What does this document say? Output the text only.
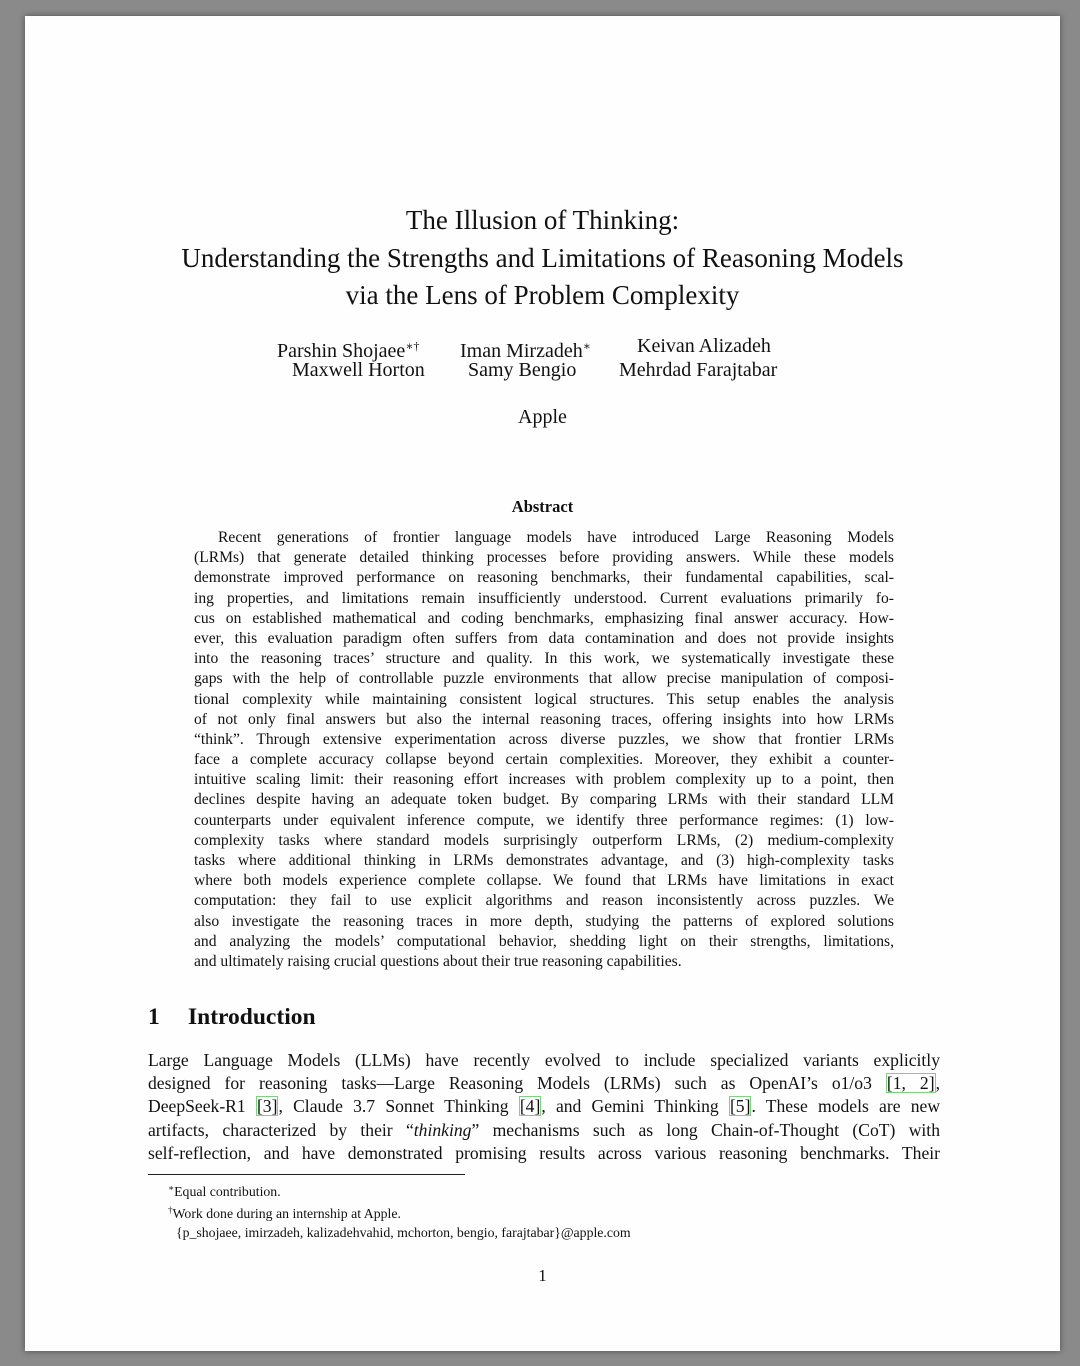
The Illusion of Thinking:
Understanding the Strengths and Limitations of Reasoning Models
via the Lens of Problem Complexity
Parshin Shojaee∗† Iman Mirzadeh∗ Keivan Alizadeh
Maxwell Horton Samy Bengio Mehrdad Farajtabar
Apple
Abstract
Recent generations of frontier language models have introduced Large Reasoning Models
(LRMs) that generate detailed thinking processes before providing answers. While these models
demonstrate improved performance on reasoning benchmarks, their fundamental capabilities, scal-
ing properties, and limitations remain insufficiently understood. Current evaluations primarily fo-
cus on established mathematical and coding benchmarks, emphasizing final answer accuracy. How-
ever, this evaluation paradigm often suffers from data contamination and does not provide insights
into the reasoning traces’ structure and quality. In this work, we systematically investigate these
gaps with the help of controllable puzzle environments that allow precise manipulation of composi-
tional complexity while maintaining consistent logical structures. This setup enables the analysis
of not only final answers but also the internal reasoning traces, offering insights into how LRMs
“think”. Through extensive experimentation across diverse puzzles, we show that frontier LRMs
face a complete accuracy collapse beyond certain complexities. Moreover, they exhibit a counter-
intuitive scaling limit: their reasoning effort increases with problem complexity up to a point, then
declines despite having an adequate token budget. By comparing LRMs with their standard LLM
counterparts under equivalent inference compute, we identify three performance regimes: (1) low-
complexity tasks where standard models surprisingly outperform LRMs, (2) medium-complexity
tasks where additional thinking in LRMs demonstrates advantage, and (3) high-complexity tasks
where both models experience complete collapse. We found that LRMs have limitations in exact
computation: they fail to use explicit algorithms and reason inconsistently across puzzles. We
also investigate the reasoning traces in more depth, studying the patterns of explored solutions
and analyzing the models’ computational behavior, shedding light on their strengths, limitations,
and ultimately raising crucial questions about their true reasoning capabilities.
1 Introduction
Large Language Models (LLMs) have recently evolved to include specialized variants explicitly
designed for reasoning tasks—Large Reasoning Models (LRMs) such as OpenAI’s o1/o3 [1, 2],
DeepSeek-R1 [3], Claude 3.7 Sonnet Thinking [4], and Gemini Thinking [5]. These models are new
artifacts, characterized by their “thinking” mechanisms such as long Chain-of-Thought (CoT) with
self-reflection, and have demonstrated promising results across various reasoning benchmarks. Their
∗Equal contribution.
†Work done during an internship at Apple.
{p_shojaee, imirzadeh, kalizadehvahid, mchorton, bengio, farajtabar}@apple.com
1
